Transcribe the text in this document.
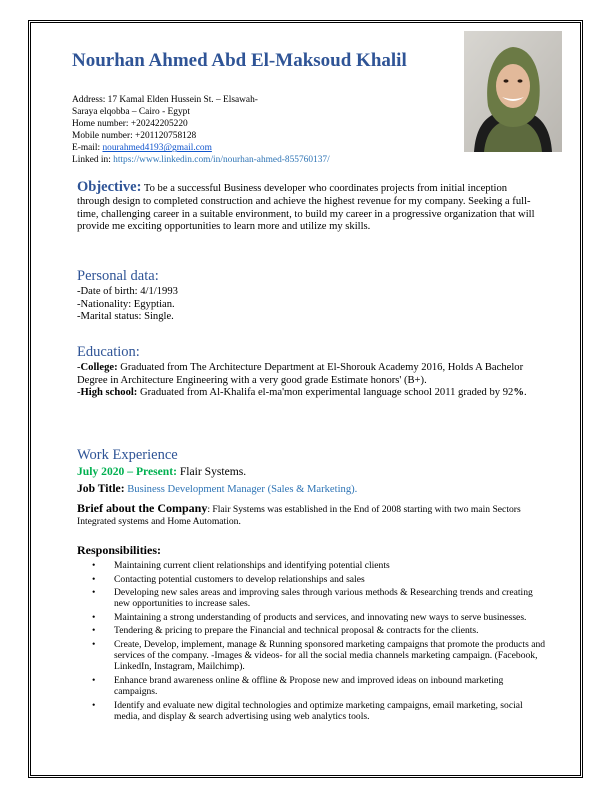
Nourhan Ahmed Abd El-Maksoud Khalil
Address: 17 Kamal Elden Hussein St. – Elsawah-
Saraya elqobba – Cairo - Egypt
Home number: +20242205220
Mobile number: +201120758128
E-mail: nourahmed4193@gmail.com
Linked in: https://www.linkedin.com/in/nourhan-ahmed-855760137/
Objective: To be a successful Business developer who coordinates projects from initial inception through design to completed construction and achieve the highest revenue for my company. Seeking a full-time, challenging career in a suitable environment, to build my career in a progressive organization that will provide me exciting opportunities to learn more and utilize my skills.
Personal data:
-Date of birth: 4/1/1993
-Nationality: Egyptian.
-Marital status: Single.
Education:
-College: Graduated from The Architecture Department at El-Shorouk Academy 2016, Holds A Bachelor Degree in Architecture Engineering with a very good grade Estimate honors' (B+).
-High school: Graduated from Al-Khalifa el-ma'mon experimental language school 2011 graded by 92%.
Work Experience
July 2020 – Present: Flair Systems.
Job Title: Business Development Manager (Sales & Marketing).
Brief about the Company: Flair Systems was established in the End of 2008 starting with two main Sectors Integrated systems and Home Automation.
Responsibilities:
• Maintaining current client relationships and identifying potential clients
• Contacting potential customers to develop relationships and sales
• Developing new sales areas and improving sales through various methods & Researching trends and creating new opportunities to increase sales.
• Maintaining a strong understanding of products and services, and innovating new ways to serve businesses.
• Tendering & pricing to prepare the Financial and technical proposal & contracts for the clients.
• Create, Develop, implement, manage & Running sponsored marketing campaigns that promote the products and services of the company. -Images & videos- for all the social media channels marketing campaign. (Facebook, LinkedIn, Instagram, Mailchimp).
• Enhance brand awareness online & offline & Propose new and improved ideas on inbound marketing campaigns.
• Identify and evaluate new digital technologies and optimize marketing campaigns, email marketing, social media, and display & search advertising using web analytics tools.
